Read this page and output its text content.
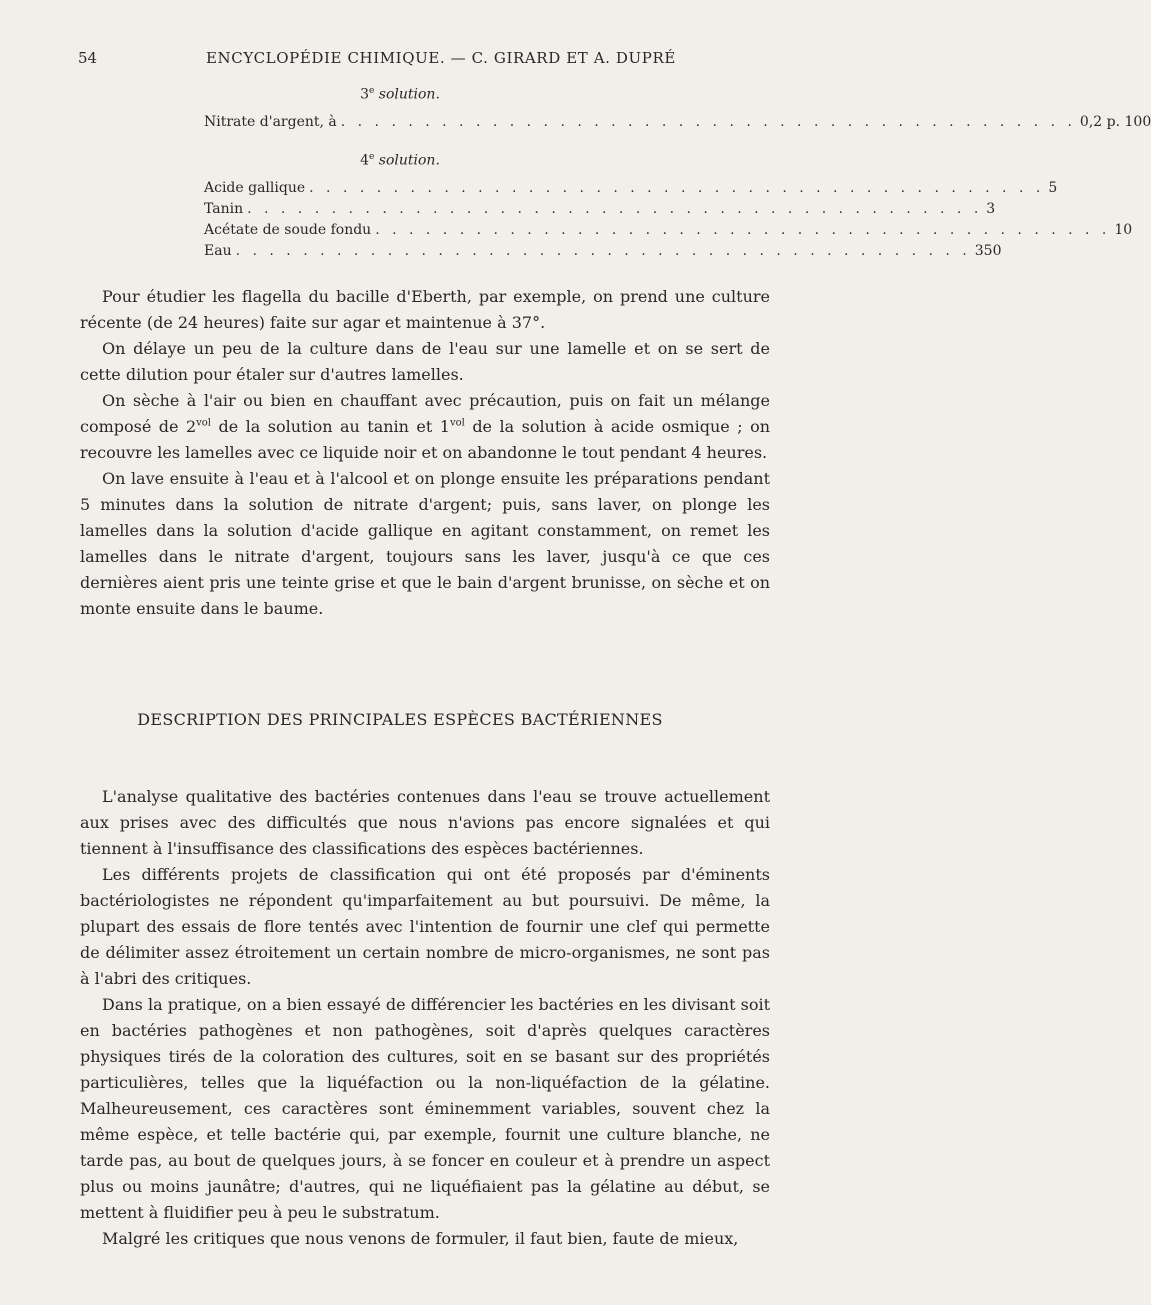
54	ENCYCLOPÉDIE CHIMIQUE. — C. GIRARD ET A. DUPRÉ
3e solution.
Nitrate d'argent, à . . . . . . . . . . . . . . . . . . . . . . . . . . . . . . . . . . . . . . . . . . . . 0,2 p. 100
4e solution.
Acide gallique . . . . . . . . . . . . . . . . . . . . . . . . . . . . . . . . . . . . . . . . . . . . 5
Tanin . . . . . . . . . . . . . . . . . . . . . . . . . . . . . . . . . . . . . . . . . . . . 3
Acétate de soude fondu . . . . . . . . . . . . . . . . . . . . . . . . . . . . . . . . . . . . . . . . . . . . 10
Eau . . . . . . . . . . . . . . . . . . . . . . . . . . . . . . . . . . . . . . . . . . . . 350

Pour étudier les flagella du bacille d'Eberth, par exemple, on prend une culture récente (de 24 heures) faite sur agar et maintenue à 37°.

On délaye un peu de la culture dans de l'eau sur une lamelle et on se sert de cette dilution pour étaler sur d'autres lamelles.

On sèche à l'air ou bien en chauffant avec précaution, puis on fait un mélange composé de $2^{vol}$ de la solution au tanin et $1^{vol}$ de la solution à acide osmique ; on recouvre les lamelles avec ce liquide noir et on abandonne le tout pendant 4 heures.

On lave ensuite à l'eau et à l'alcool et on plonge ensuite les préparations pendant 5 minutes dans la solution de nitrate d'argent; puis, sans laver, on plonge les lamelles dans la solution d'acide gallique en agitant constamment, on remet les lamelles dans le nitrate d'argent, toujours sans les laver, jusqu'à ce que ces dernières aient pris une teinte grise et que le bain d'argent brunisse, on sèche et on monte ensuite dans le baume.

DESCRIPTION DES PRINCIPALES ESPÈCES BACTÉRIENNES

L'analyse qualitative des bactéries contenues dans l'eau se trouve actuellement aux prises avec des difficultés que nous n'avions pas encore signalées et qui tiennent à l'insuffisance des classifications des espèces bactériennes.

Les différents projets de classification qui ont été proposés par d'éminents bactériologistes ne répondent qu'imparfaitement au but poursuivi. De même, la plupart des essais de flore tentés avec l'intention de fournir une clef qui permette de délimiter assez étroitement un certain nombre de micro-organismes, ne sont pas à l'abri des critiques.

Dans la pratique, on a bien essayé de différencier les bactéries en les divisant soit en bactéries pathogènes et non pathogènes, soit d'après quelques caractères physiques tirés de la coloration des cultures, soit en se basant sur des propriétés particulières, telles que la liquéfaction ou la non-liquéfaction de la gélatine. Malheureusement, ces caractères sont éminemment variables, souvent chez la même espèce, et telle bactérie qui, par exemple, fournit une culture blanche, ne tarde pas, au bout de quelques jours, à se foncer en couleur et à prendre un aspect plus ou moins jaunâtre; d'autres, qui ne liquéfiaient pas la gélatine au début, se mettent à fluidifier peu à peu le substratum.

Malgré les critiques que nous venons de formuler, il faut bien, faute de mieux,
